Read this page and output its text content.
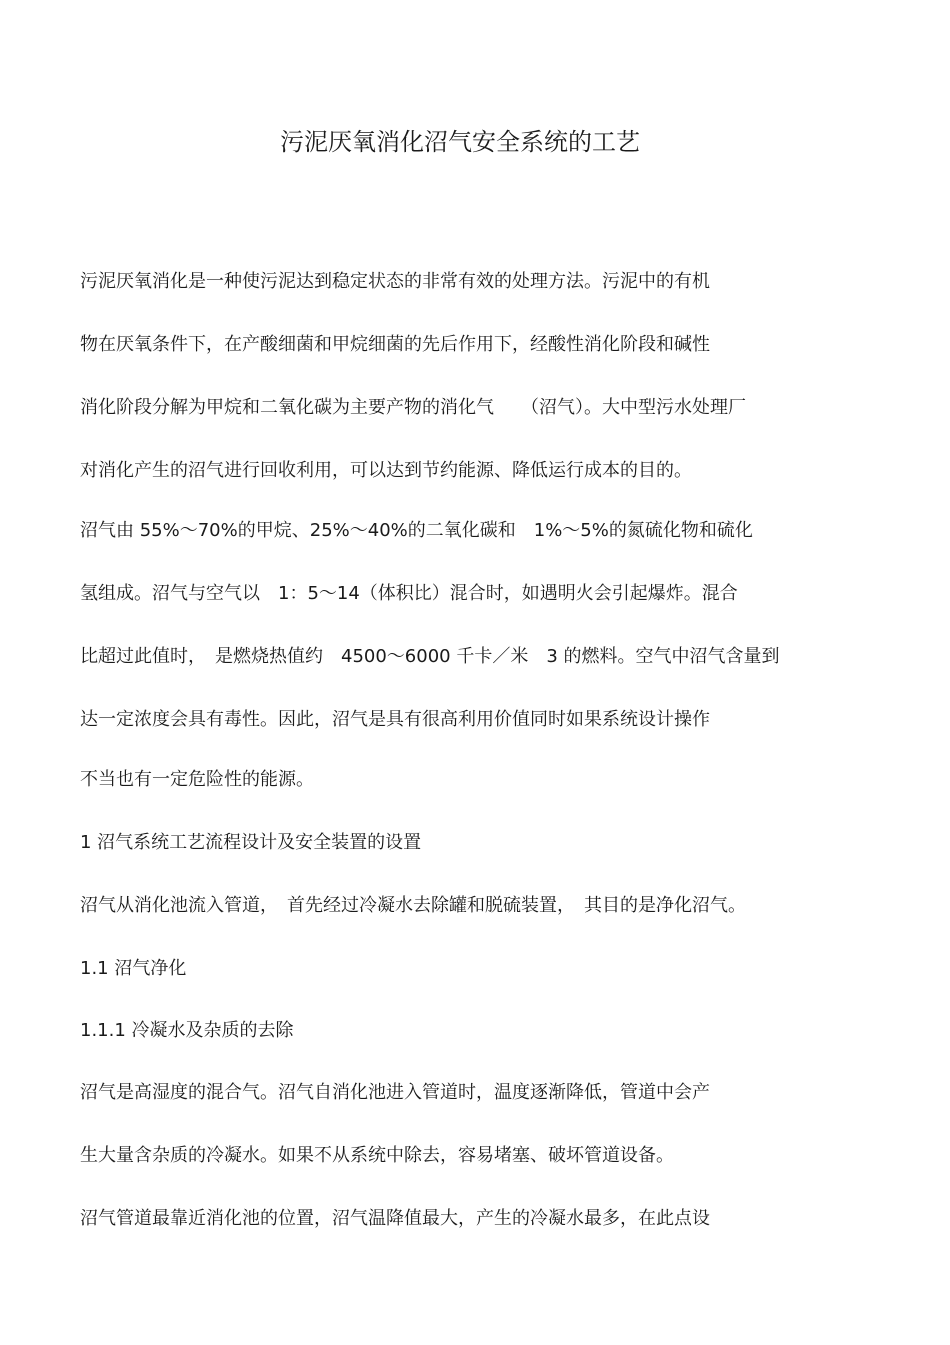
污泥厌氧消化沼气安全系统的工艺

污泥厌氧消化是一种使污泥达到稳定状态的非常有效的处理方法。污泥中的有机

物在厌氧条件下，在产酸细菌和甲烷细菌的先后作用下，经酸性消化阶段和碱性

消化阶段分解为甲烷和二氧化碳为主要产物的消化气　　（沼气）。大中型污水处理厂

对消化产生的沼气进行回收利用，可以达到节约能源、降低运行成本的目的。

沼气由 55%～70%的甲烷、25%～40%的二氧化碳和　1%～5%的氮硫化物和硫化

氢组成。沼气与空气以　1：5～14（体积比）混合时，如遇明火会引起爆炸。混合

比超过此值时，　是燃烧热值约　4500～6000 千卡／米　3 的燃料。空气中沼气含量到

达一定浓度会具有毒性。因此，沼气是具有很高利用价值同时如果系统设计操作

不当也有一定危险性的能源。

1 沼气系统工艺流程设计及安全装置的设置

沼气从消化池流入管道，　首先经过冷凝水去除罐和脱硫装置，　其目的是净化沼气。

1.1 沼气净化

1.1.1 冷凝水及杂质的去除

沼气是高湿度的混合气。沼气自消化池进入管道时，温度逐渐降低，管道中会产

生大量含杂质的冷凝水。如果不从系统中除去，容易堵塞、破坏管道设备。

沼气管道最靠近消化池的位置，沼气温降值最大，产生的冷凝水最多，在此点设
